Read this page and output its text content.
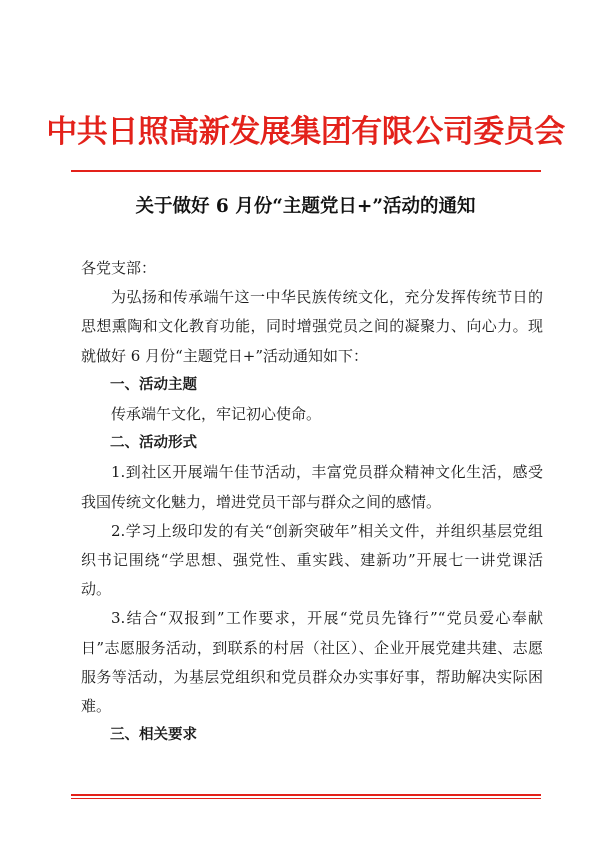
中共日照高新发展集团有限公司委员会
关于做好 6 月份“主题党日+”活动的通知

各党支部：

为弘扬和传承端午这一中华民族传统文化，充分发挥传统节日的思想熏陶和文化教育功能，同时增强党员之间的凝聚力、向心力。现就做好 6 月份“主题党日+”活动通知如下：

一、活动主题

传承端午文化，牢记初心使命。

二、活动形式

1.到社区开展端午佳节活动，丰富党员群众精神文化生活，感受我国传统文化魅力，增进党员干部与群众之间的感情。

2.学习上级印发的有关“创新突破年”相关文件，并组织基层党组织书记围绕“学思想、强党性、重实践、建新功”开展七一讲党课活动。

3.结合“双报到”工作要求，开展“党员先锋行”“党员爱心奉献日”志愿服务活动，到联系的村居（社区）、企业开展党建共建、志愿服务等活动，为基层党组织和党员群众办实事好事，帮助解决实际困难。

三、相关要求
